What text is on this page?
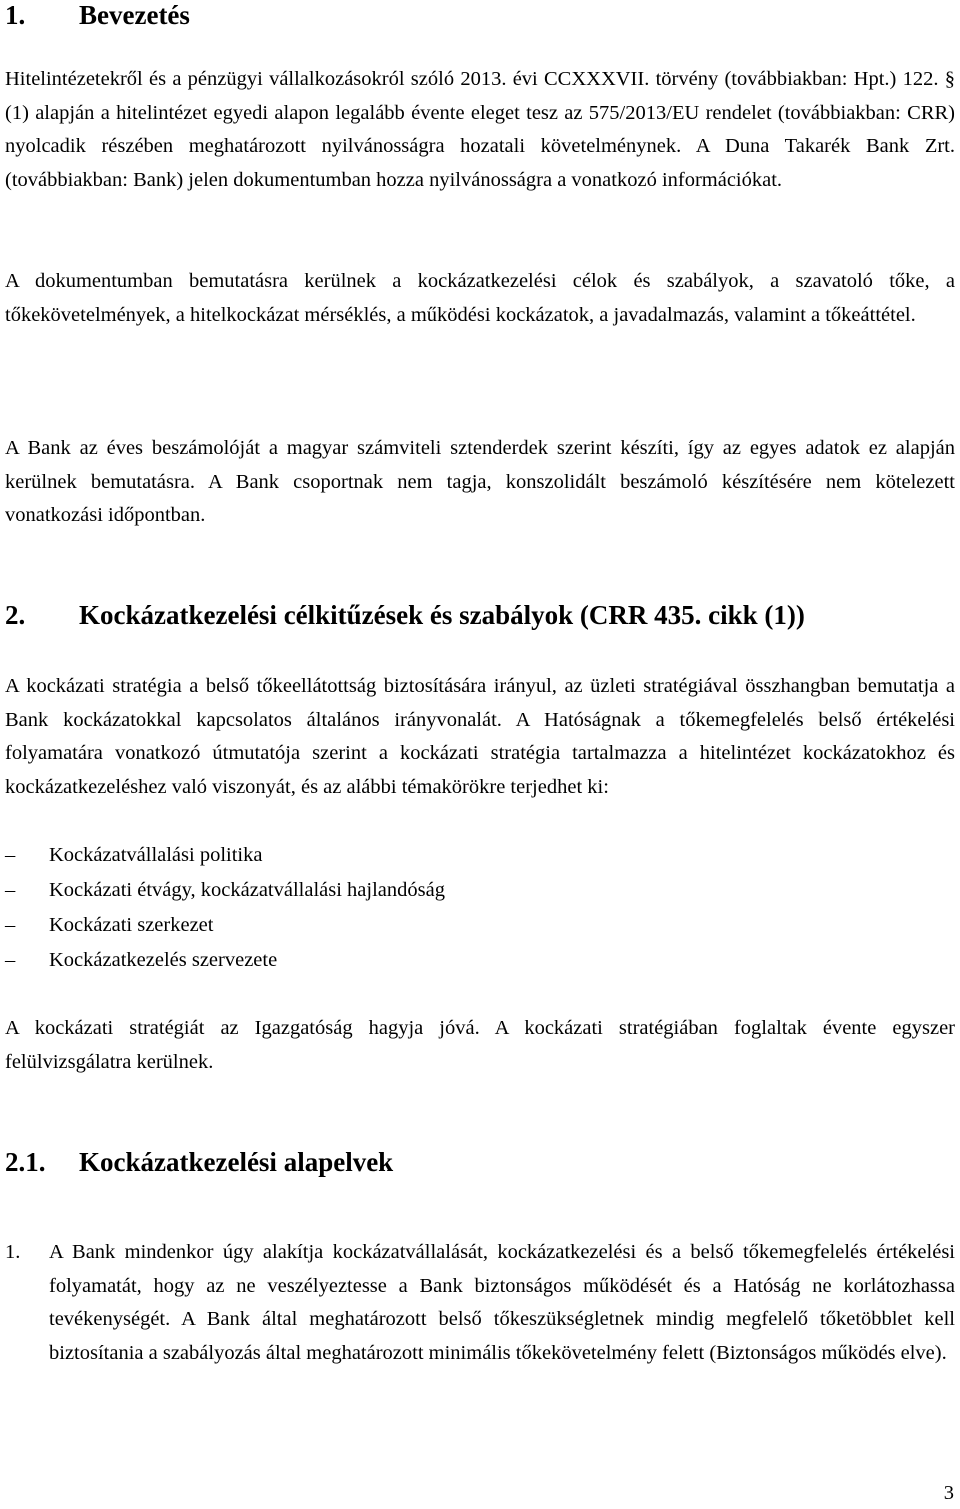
1.	Bevezetés

Hitelintézetekről és a pénzügyi vállalkozásokról szóló 2013. évi CCXXXVII. törvény (továbbiakban: Hpt.) 122. § (1) alapján a hitelintézet egyedi alapon legalább évente eleget tesz az 575/2013/EU rendelet (továbbiakban: CRR) nyolcadik részében meghatározott nyilvánosságra hozatali követelménynek. A Duna Takarék Bank Zrt. (továbbiakban: Bank) jelen dokumentumban hozza nyilvánosságra a vonatkozó információkat.

A dokumentumban bemutatásra kerülnek a kockázatkezelési célok és szabályok, a szavatoló tőke, a tőkekövetelmények, a hitelkockázat mérséklés, a működési kockázatok, a javadalmazás, valamint a tőkeáttétel.

A Bank az éves beszámolóját a magyar számviteli sztenderdek szerint készíti, így az egyes adatok ez alapján kerülnek bemutatásra. A Bank csoportnak nem tagja, konszolidált beszámoló készítésére nem kötelezett vonatkozási időpontban.

2.	Kockázatkezelési célkitűzések és szabályok (CRR 435. cikk (1))

A kockázati stratégia a belső tőkeellátottság biztosítására irányul, az üzleti stratégiával összhangban bemutatja a Bank kockázatokkal kapcsolatos általános irányvonalát. A Hatóságnak a tőkemegfelelés belső értékelési folyamatára vonatkozó útmutatója szerint a kockázati stratégia tartalmazza a hitelintézet kockázatokhoz és kockázatkezeléshez való viszonyát, és az alábbi témakörökre terjedhet ki:

– Kockázatvállalási politika
– Kockázati étvágy, kockázatvállalási hajlandóság
– Kockázati szerkezet
– Kockázatkezelés szervezete

A kockázati stratégiát az Igazgatóság hagyja jóvá. A kockázati stratégiában foglaltak évente egyszer felülvizsgálatra kerülnek.

2.1.	Kockázatkezelési alapelvek
1. A Bank mindenkor úgy alakítja kockázatvállalását, kockázatkezelési és a belső tőkemegfelelés értékelési folyamatát, hogy az ne veszélyeztesse a Bank biztonságos működését és a Hatóság ne korlátozhassa tevékenységét. A Bank által meghatározott belső tőkeszükségletnek mindig megfelelő tőketöbblet kell biztosítania a szabályozás által meghatározott minimális tőkekövetelmény felett (Biztonságos működés elve).

3
